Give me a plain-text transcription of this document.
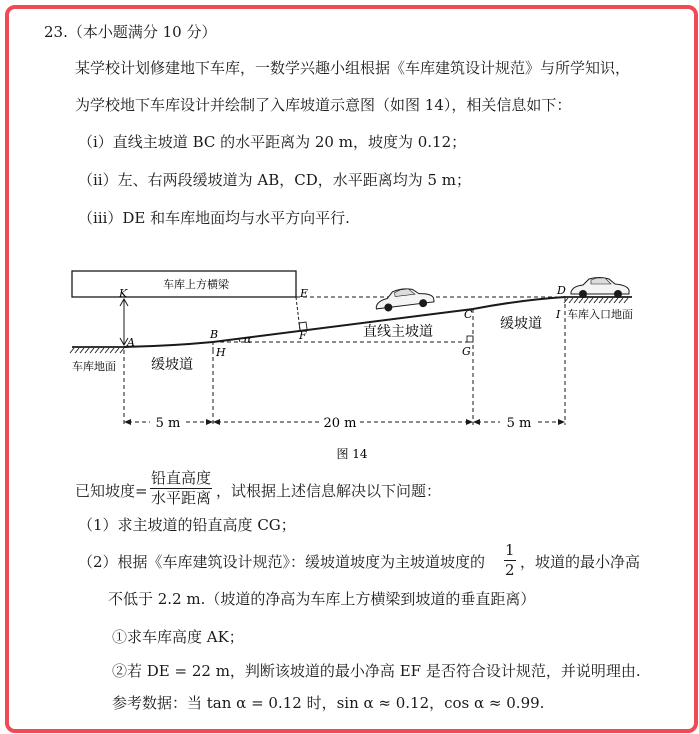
23.（本小题满分 10 分）
某学校计划修建地下车库，一数学兴趣小组根据《车库建筑设计规范》与所学知识，
为学校地下车库设计并绘制了入库坡道示意图（如图 14），相关信息如下：
（ⅰ）直线主坡道 BC 的水平距离为 20 m，坡度为 0.12；
（ⅱ）左、右两段缓坡道为 AB，CD，水平距离均为 5 m；
（ⅲ）DE 和车库地面均与水平方向平行.
车库上方横梁
5 m	20 m	5 m
K	E
A
B
H
F
α
C
G
D
I
直线主坡道
缓坡道
缓坡道
车库地面
车库入口地面
图 14
已知坡度=
铅直高度
水平距离 ，试根据上述信息解决以下问题：
（1）求主坡道的铅直高度 CG；
（2）根据《车库建筑设计规范》：缓坡道坡度为主坡道坡度的 $\frac{1}{2}$ ，坡道的最小净高
不低于 2.2 m.（坡道的净高为车库上方横梁到坡道的垂直距离）
①求车库高度 AK；
②若 DE = 22 m，判断该坡道的最小净高 EF 是否符合设计规范，并说明理由.
参考数据：当 tan α = 0.12 时，sin α ≈ 0.12，cos α ≈ 0.99.
